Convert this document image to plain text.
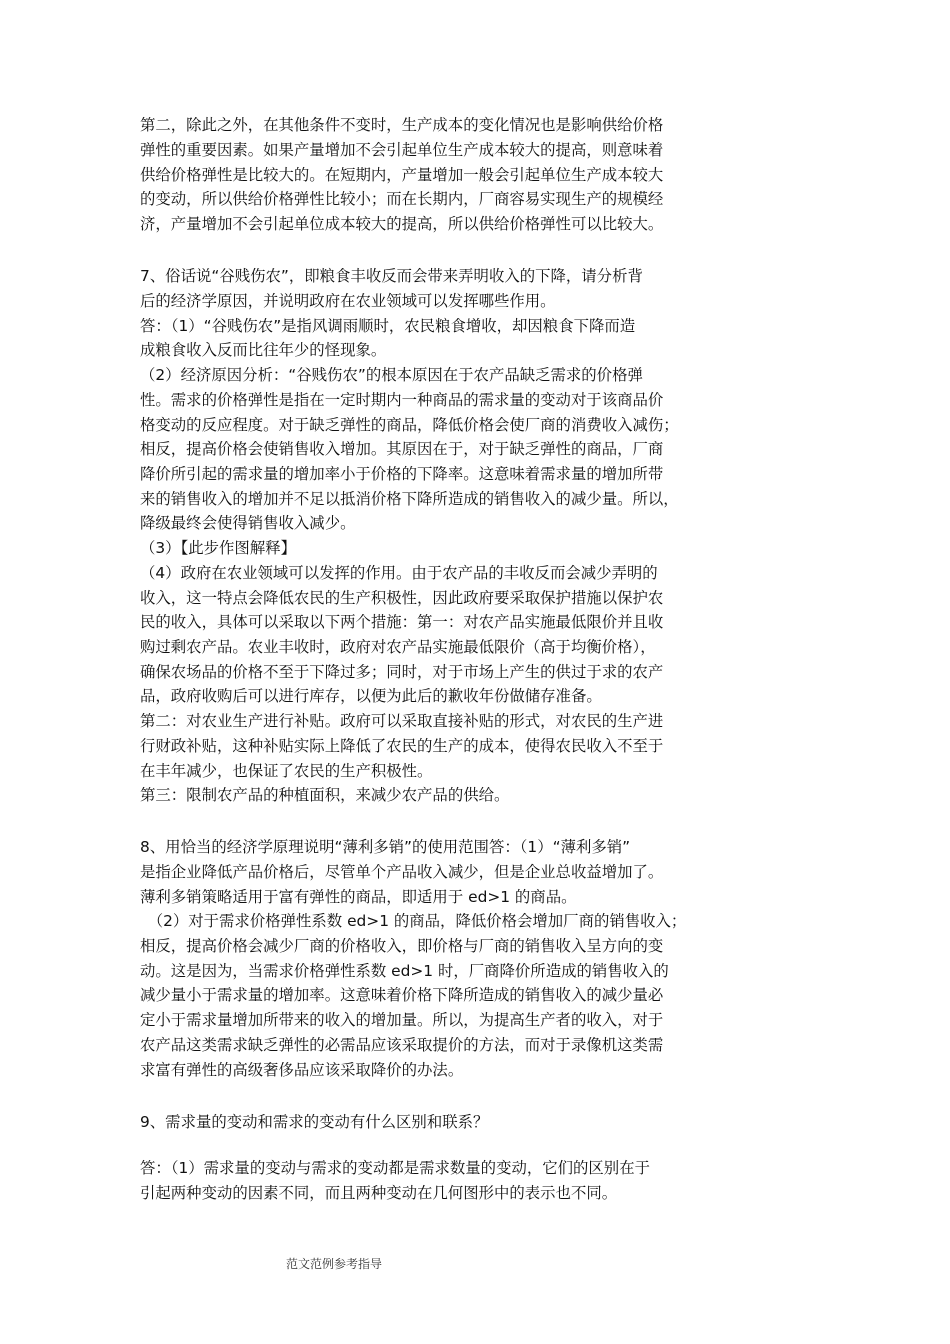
第二，除此之外，在其他条件不变时，生产成本的变化情况也是影响供给价格
弹性的重要因素。如果产量增加不会引起单位生产成本较大的提高，则意味着
供给价格弹性是比较大的。在短期内，产量增加一般会引起单位生产成本较大
的变动，所以供给价格弹性比较小；而在长期内，厂商容易实现生产的规模经
济，产量增加不会引起单位成本较大的提高，所以供给价格弹性可以比较大。
7、俗话说“谷贱伤农”，即粮食丰收反而会带来弄明收入的下降，请分析背
后的经济学原因，并说明政府在农业领域可以发挥哪些作用。
答：（1）“谷贱伤农”是指风调雨顺时，农民粮食增收，却因粮食下降而造
成粮食收入反而比往年少的怪现象。
（2）经济原因分析：“谷贱伤农”的根本原因在于农产品缺乏需求的价格弹
性。需求的价格弹性是指在一定时期内一种商品的需求量的变动对于该商品价
格变动的反应程度。对于缺乏弹性的商品，降低价格会使厂商的消费收入减伤；
相反，提高价格会使销售收入增加。其原因在于，对于缺乏弹性的商品，厂商
降价所引起的需求量的增加率小于价格的下降率。这意味着需求量的增加所带
来的销售收入的增加并不足以抵消价格下降所造成的销售收入的减少量。所以，
降级最终会使得销售收入减少。
（3）【此步作图解释】
（4）政府在农业领域可以发挥的作用。由于农产品的丰收反而会减少弄明的
收入，这一特点会降低农民的生产积极性，因此政府要采取保护措施以保护农
民的收入，具体可以采取以下两个措施：第一：对农产品实施最低限价并且收
购过剩农产品。农业丰收时，政府对农产品实施最低限价（高于均衡价格），
确保农场品的价格不至于下降过多；同时，对于市场上产生的供过于求的农产
品，政府收购后可以进行库存，以便为此后的歉收年份做储存准备。
第二：对农业生产进行补贴。政府可以采取直接补贴的形式，对农民的生产进
行财政补贴，这种补贴实际上降低了农民的生产的成本，使得农民收入不至于
在丰年减少，也保证了农民的生产积极性。
第三：限制农产品的种植面积，来减少农产品的供给。
8、用恰当的经济学原理说明“薄利多销”的使用范围答：（1）“薄利多销”
是指企业降低产品价格后，尽管单个产品收入减少，但是企业总收益增加了。
薄利多销策略适用于富有弹性的商品，即适用于 ed>1 的商品。
　（2）对于需求价格弹性系数 ed>1 的商品，降低价格会增加厂商的销售收入；
相反，提高价格会减少厂商的价格收入，即价格与厂商的销售收入呈方向的变
动。这是因为，当需求价格弹性系数 ed>1 时，厂商降价所造成的销售收入的
减少量小于需求量的增加率。这意味着价格下降所造成的销售收入的减少量必
定小于需求量增加所带来的收入的增加量。所以，为提高生产者的收入，对于
农产品这类需求缺乏弹性的必需品应该采取提价的方法，而对于录像机这类需
求富有弹性的高级奢侈品应该采取降价的办法。
9、需求量的变动和需求的变动有什么区别和联系？
答：（1）需求量的变动与需求的变动都是需求数量的变动，它们的区别在于
引起两种变动的因素不同，而且两种变动在几何图形中的表示也不同。
范文范例参考指导
